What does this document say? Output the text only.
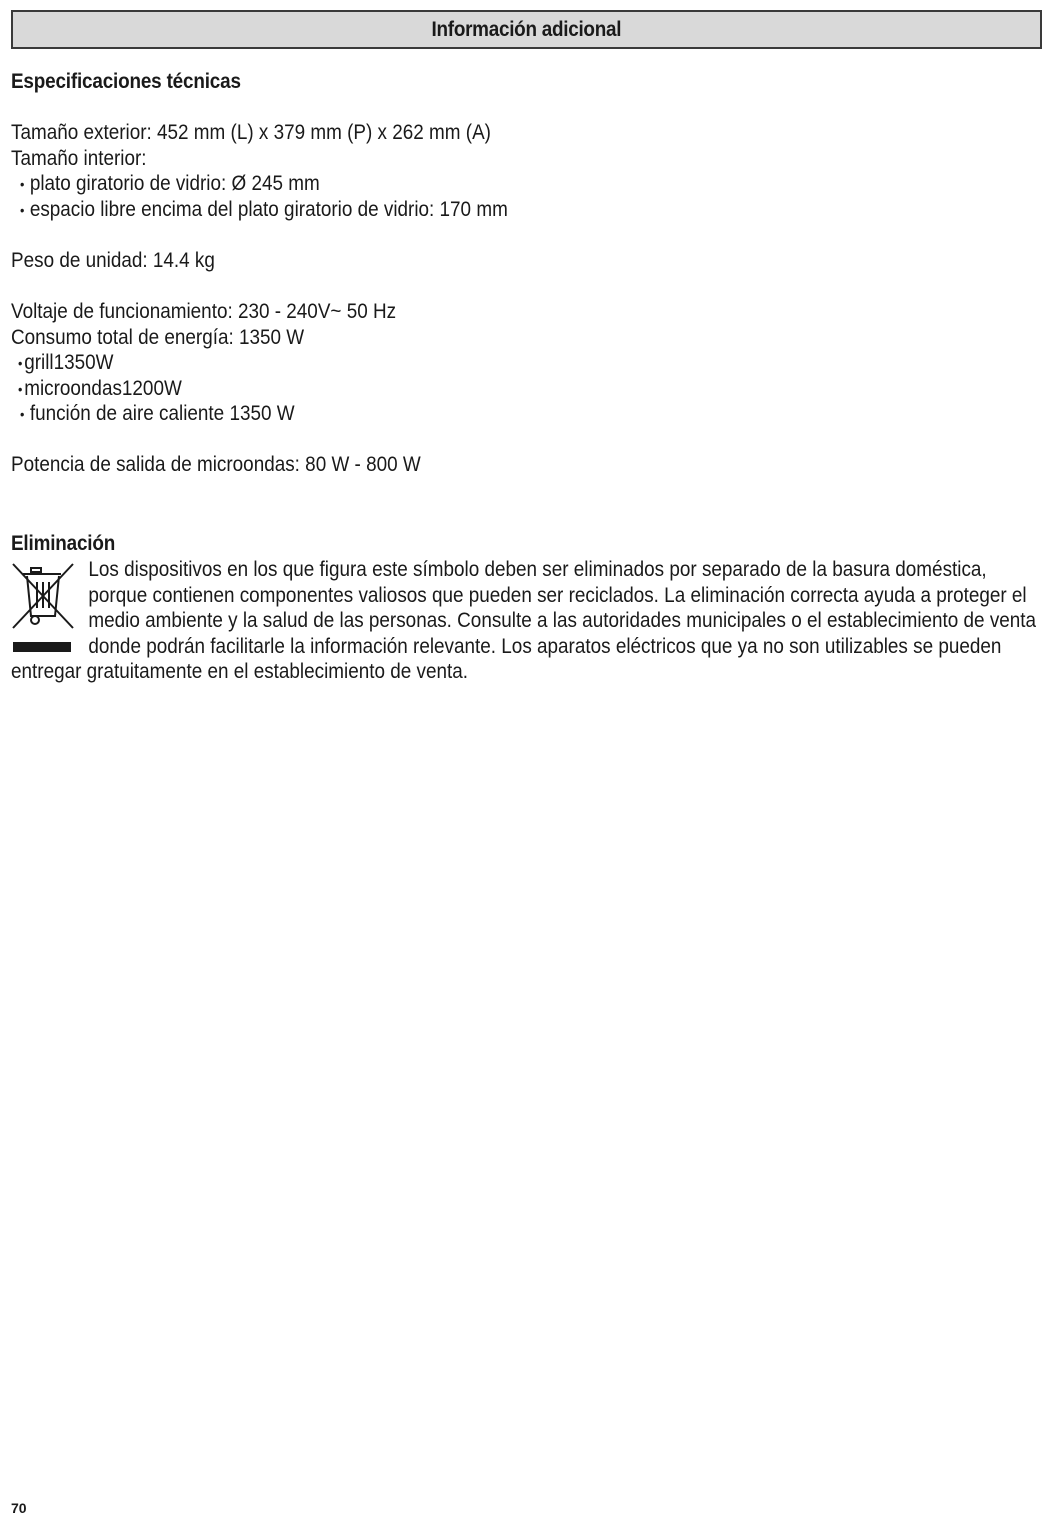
Información adicional
Especificaciones técnicas
Tamaño exterior: 452 mm (L) x 379 mm (P) x 262 mm (A)
Tamaño interior:
• plato giratorio de vidrio: Ø 245 mm
• espacio libre encima del plato giratorio de vidrio: 170 mm
Peso de unidad: 14.4 kg
Voltaje de funcionamiento: 230 - 240V~ 50 Hz
Consumo total de energía: 1350 W
•grill1350W
•microondas1200W
• función de aire caliente 1350 W
Potencia de salida de microondas: 80 W - 800 W
Eliminación
Los dispositivos en los que figura este símbolo deben ser eliminados por separado de la basura doméstica, porque contienen componentes valiosos que pueden ser reciclados. La eliminación correcta ayuda a proteger el medio ambiente y la salud de las personas. Consulte a las autoridades municipales o el establecimiento de venta donde podrán facilitarle la información relevante. Los aparatos eléctricos que ya no son utilizables se pueden entregar gratuitamente en el establecimiento de venta.
70
